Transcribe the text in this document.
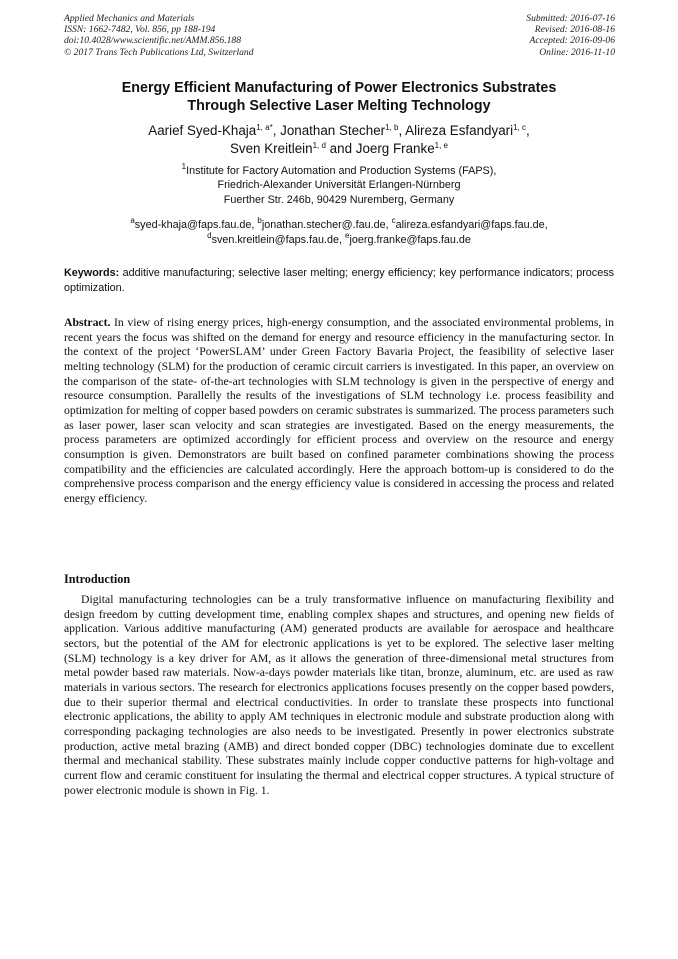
Applied Mechanics and Materials
ISSN: 1662-7482, Vol. 856, pp 188-194
doi:10.4028/www.scientific.net/AMM.856.188
© 2017 Trans Tech Publications Ltd, Switzerland
Submitted: 2016-07-16
Revised: 2016-08-16
Accepted: 2016-09-06
Online: 2016-11-10
Energy Efficient Manufacturing of Power Electronics Substrates
Through Selective Laser Melting Technology
Aarief Syed-Khaja$^{1, a*}$, Jonathan Stecher$^{1, b}$, Alireza Esfandyari$^{1, c}$,
Sven Kreitlein$^{1, d}$ and Joerg Franke$^{1, e}$
$^1$Institute for Factory Automation and Production Systems (FAPS),
Friedrich-Alexander Universität Erlangen-Nürnberg
Fuerther Str. 246b, 90429 Nuremberg, Germany
$^a$syed-khaja@faps.fau.de, $^b$jonathan.stecher@.fau.de, $^c$alireza.esfandyari@faps.fau.de,
$^d$sven.kreitlein@faps.fau.de, $^e$joerg.franke@faps.fau.de
Keywords: additive manufacturing; selective laser melting; energy efficiency; key performance indicators; process optimization.
Abstract. In view of rising energy prices, high-energy consumption, and the associated environmental problems, in recent years the focus was shifted on the demand for energy and resource efficiency in the manufacturing sector. In the context of the project ‘PowerSLAM’ under Green Factory Bavaria Project, the feasibility of selective laser melting technology (SLM) for the production of ceramic circuit carriers is investigated. In this paper, an overview on the comparison of the state- of-the-art technologies with SLM technology is given in the perspective of energy and resource consumption. Parallelly the results of the investigations of SLM technology i.e. process feasibility and optimization for melting of copper based powders on ceramic substrates is summarized. The process parameters such as laser power, laser scan velocity and scan strategies are investigated. Based on the energy measurements, the process parameters are optimized accordingly for efficient process and overview on the resource and energy consumption is given. Demonstrators are built based on confined parameter combinations showing the process compatibility and the efficiencies are calculated accordingly. Here the approach bottom-up is considered to do the comprehensive process comparison and the energy efficiency value is considered in accessing the process and related energy efficiency.
Introduction
Digital manufacturing technologies can be a truly transformative influence on manufacturing flexibility and design freedom by cutting development time, enabling complex shapes and structures, and opening new fields of application. Various additive manufacturing (AM) generated products are available for aerospace and healthcare sectors, but the potential of the AM for electronic applications is yet to be explored. The selective laser melting (SLM) technology is a key driver for AM, as it allows the generation of three-dimensional metal structures from metal powder based raw materials. Now-a-days powder materials like titan, bronze, aluminum, etc. are used as raw materials in various sectors. The research for electronics applications focuses presently on the copper based powders, due to their superior thermal and electrical conductivities. In order to translate these prospects into functional electronic applications, the ability to apply AM techniques in electronic module and substrate production along with corresponding packaging technologies are also needs to be investigated. Presently in power electronics substrate production, active metal brazing (AMB) and direct bonded copper (DBC) technologies dominate due to excellent thermal and mechanical stability. These substrates mainly include copper conductive patterns for high-voltage and current flow and ceramic constituent for insulating the thermal and electrical copper structures. A typical structure of power electronic module is shown in Fig. 1.
